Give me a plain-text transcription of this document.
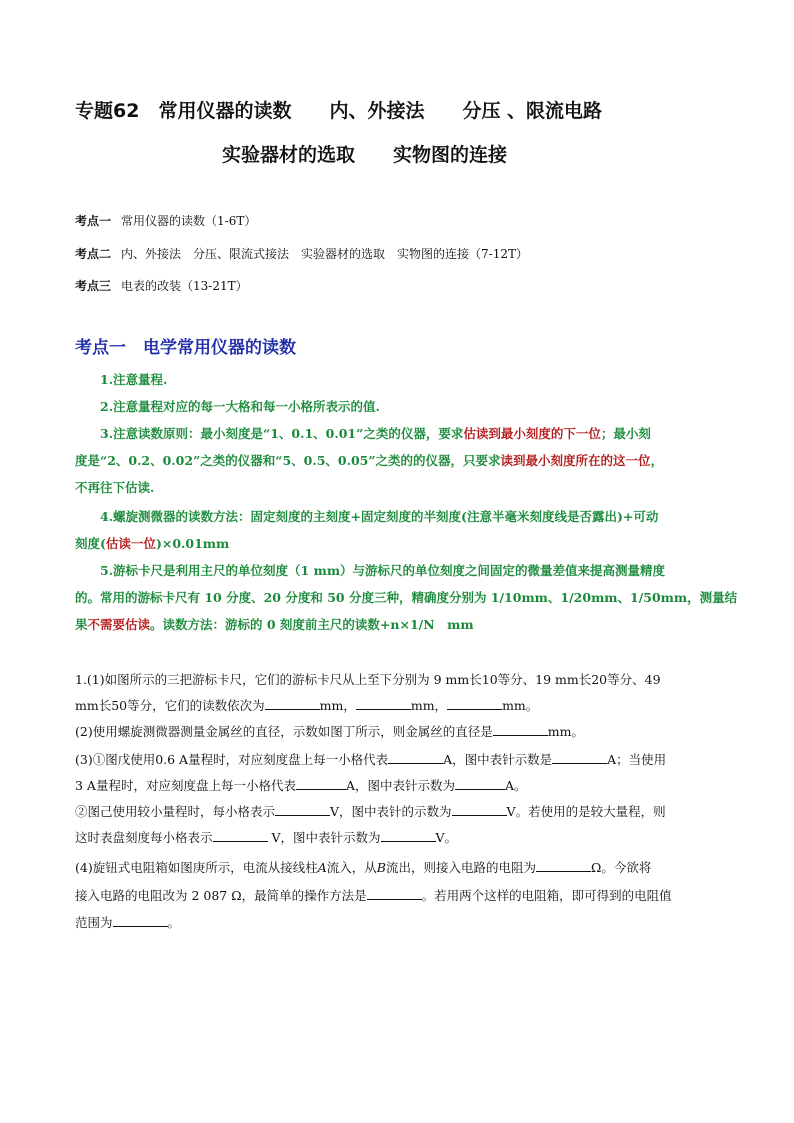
专题62　常用仪器的读数　　内、外接法　　分压 、限流电路
实验器材的选取　　实物图的连接
考点一 常用仪器的读数（1-6T）
考点二 内、外接法　分压、限流式接法　实验器材的选取　实物图的连接（7-12T）
考点三 电表的改装（13-21T）
考点一　电学常用仪器的读数
1.注意量程.
2.注意量程对应的每一大格和每一小格所表示的值.
3.注意读数原则：最小刻度是“1、0.1、0.01”之类的仪器，要求估读到最小刻度的下一位；最小刻
度是“2、0.2、0.02”之类的仪器和“5、0.5、0.05”之类的的仪器，只要求读到最小刻度所在的这一位，
不再往下估读.
4.螺旋测微器的读数方法：固定刻度的主刻度+固定刻度的半刻度(注意半毫米刻度线是否露出)+可动
刻度(估读一位)×0.01mm
5.游标卡尺是利用主尺的单位刻度（1 mm）与游标尺的单位刻度之间固定的微量差值来提高测量精度
的。常用的游标卡尺有 10 分度、20 分度和 50 分度三种，精确度分别为 1/10mm、1/20mm、1/50mm，测量结
果不需要估读。读数方法：游标的 0 刻度前主尺的读数+n×1/N　mm
1.(1)如图所示的三把游标卡尺，它们的游标卡尺从上至下分别为 9 mm长10等分、19 mm长20等分、49
mm长50等分，它们的读数依次为	mm，	mm，	mm。
(2)使用螺旋测微器测量金属丝的直径，示数如图丁所示，则金属丝的直径是	mm。
(3)①图戊使用0.6 A量程时，对应刻度盘上每一小格代表	A，图中表针示数是	A；当使用
3 A量程时，对应刻度盘上每一小格代表	A，图中表针示数为	A。
②图己使用较小量程时，每小格表示	V，图中表针的示数为	V。若使用的是较大量程，则
这时表盘刻度每小格表示	V，图中表针示数为	V。
(4)旋钮式电阻箱如图庚所示，电流从接线柱A流入，从B流出，则接入电路的电阻为	Ω。今欲将
接入电路的电阻改为 2 087 Ω，最简单的操作方法是	。若用两个这样的电阻箱，即可得到的电阻值
范围为	。
